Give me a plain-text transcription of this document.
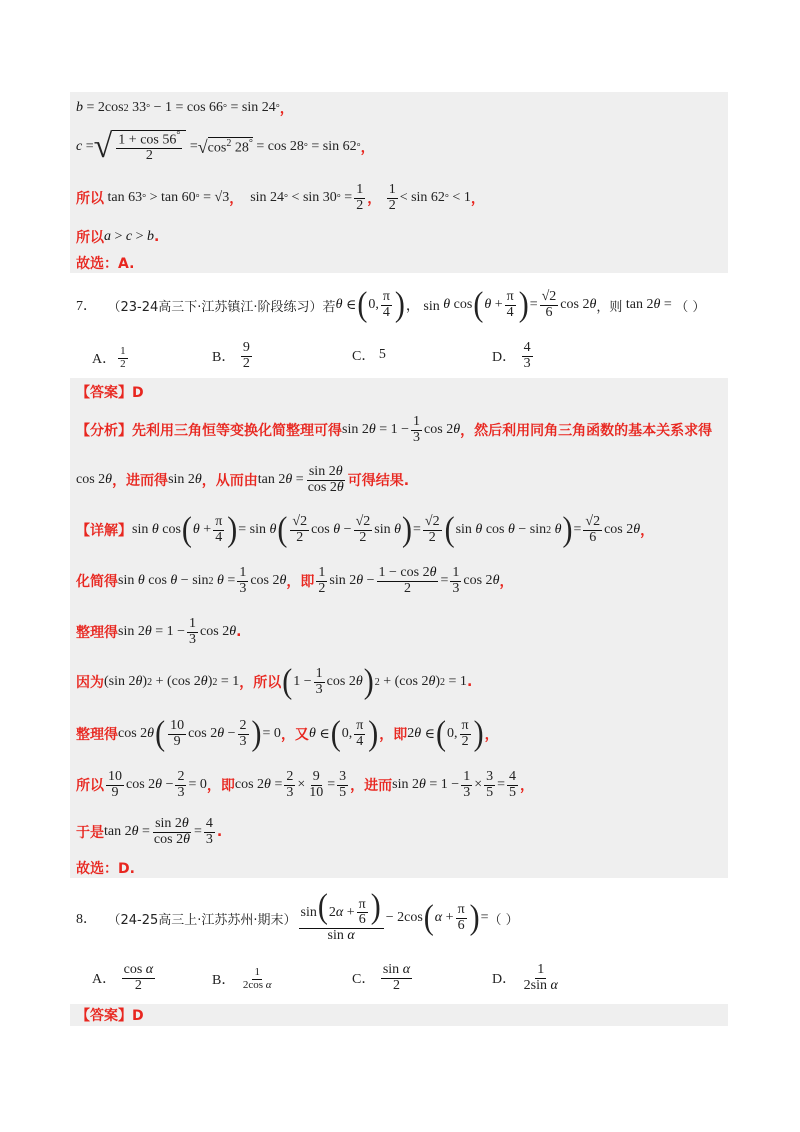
b = 2cos 2 33 ° − 1 = cos 66 ° = sin 24 ° ，
c = √ $\frac{1 + \cos 56^\circ}{2}$ = √ $\cos^2 28^\circ = \cos 28$ ° = sin 62 ° ，
所以 tan 63 ° > tan 60 ° = √3 ， sin 24 ° < sin 30 ° = $\frac{1}{2}$ ，
$\frac{1}{2} < \sin 62$ ° < 1 ，
所以 a > c > b .
故选：A.
7．
（23-24高三下·江苏镇江·阶段练习） 若 θ ∈ ( 0, $\frac{\pi}{4}$ ) ， sin θ cos ( $\theta + \frac{\pi}{4}$ ) = $\frac{√2}{6}$ cos 2 θ ，则 tan 2 θ = （ ）
A． $\frac{1}{2}$	B．
$\frac{9}{2}$	C． 5	D．
$\frac{4}{3}$
【答案】D
【分析】 先利用三角恒等变换化简整理可得 sin 2 $\theta = 1 - \frac{1}{3}$ cos 2 θ ，然后利用同角三角函数的基本关系求得
cos 2 θ ，进而得 sin 2 θ ，从而由 tan 2 $\theta = \frac{\sin 2\theta}{\cos 2\theta}$ 可得结果.
【详解】 sin θ cos ( $\theta + \frac{\pi}{4}$ ) = sin θ ( $\frac{√2}{2}$ $\cos \theta - \frac{√2}{2}$ sin θ ) = $\frac{√2}{2}$ ( sin θ cos θ − sin 2
θ ) = $\frac{√2}{6}$ cos 2 θ ，
化简得 sin θ cos θ − sin 2
$\theta = \frac{1}{3}$ cos 2 θ ，即 $\frac{1}{2}$ sin 2 $\theta - \frac{1 - \cos 2\theta}{2} = \frac{1}{3}$ cos 2 θ ，
整理得 sin 2 $\theta = 1 - \frac{1}{3}$ cos 2 θ .
因为 (sin 2 θ ) 2 + (cos 2 θ ) 2 = 1 ，所以 ( $1 - \frac{1}{3}$ cos 2 θ ) 2 + (cos 2 θ ) 2 = 1 .
整理得 cos 2 θ ( $\frac{10}{9}$ cos 2 $\theta - \frac{2}{3}$ ) = 0 ，又 θ ∈ ( 0, $\frac{\pi}{4}$ ) ，即 2 θ ∈ ( 0, $\frac{\pi}{2}$ ) ，
所以 $\frac{10}{9}$ cos 2 $\theta - \frac{2}{3} = 0$ ，即 cos 2 $\theta = \frac{2}{3} \times \frac{9}{10} = \frac{3}{5}$ ，进而 sin 2 $\theta = 1 - \frac{1}{3} \times \frac{3}{5} = \frac{4}{5}$ ，
于是 tan 2 $\theta = \frac{\sin 2\theta}{\cos 2\theta} = \frac{4}{3}$ .
故选：D.
8．
（24-25高三上·江苏苏州·期末） $\frac{\sin(2\alpha + \frac{\pi}{6} )}{\text{sin α}} - 2\cos$ ( $\alpha + \frac{\pi}{6}$ ) = （ ）
A．
$\frac{\text{cos α}}{2}$	B．
$\frac{1}{\text{2cos α}}$	C．
$\frac{\text{sin α}}{2}$	D．
$\frac{1}{\text{2sin α}}$
【答案】D
